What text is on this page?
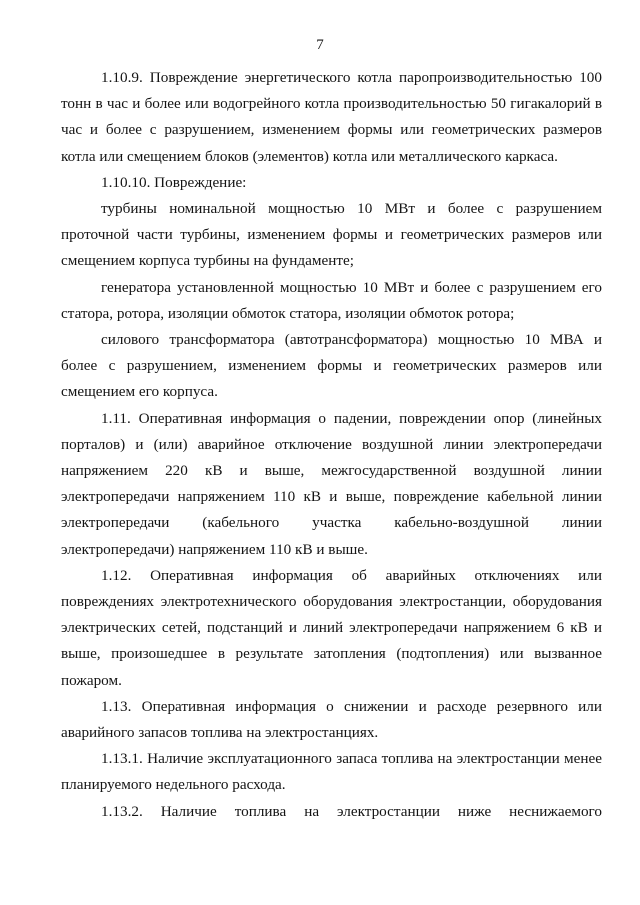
7

1.10.9. Повреждение энергетического котла паропроизводительностью 100 тонн в час и более или водогрейного котла производительностью 50 гигакалорий в час и более с разрушением, изменением формы или геометрических размеров котла или смещением блоков (элементов) котла или металлического каркаса.

1.10.10. Повреждение:

турбины номинальной мощностью 10 МВт и более с разрушением проточной части турбины, изменением формы и геометрических размеров или смещением корпуса турбины на фундаменте;

генератора установленной мощностью 10 МВт и более с разрушением его статора, ротора, изоляции обмоток статора, изоляции обмоток ротора;

силового трансформатора (автотрансформатора) мощностью 10 МВА и более с разрушением, изменением формы и геометрических размеров или смещением его корпуса.

1.11. Оперативная информация о падении, повреждении опор (линейных порталов) и (или) аварийное отключение воздушной линии электропередачи напряжением 220 кВ и выше, межгосударственной воздушной линии электропередачи напряжением 110 кВ и выше, повреждение кабельной линии электропередачи (кабельного участка кабельно-воздушной линии электропередачи) напряжением 110 кВ и выше.

1.12. Оперативная информация об аварийных отключениях или повреждениях электротехнического оборудования электростанции, оборудования электрических сетей, подстанций и линий электропередачи напряжением 6 кВ и выше, произошедшее в результате затопления (подтопления) или вызванное пожаром.

1.13. Оперативная информация о снижении и расходе резервного или аварийного запасов топлива на электростанциях.

1.13.1. Наличие эксплуатационного запаса топлива на электростанции менее планируемого недельного расхода.

1.13.2. Наличие топлива на электростанции ниже неснижаемого
